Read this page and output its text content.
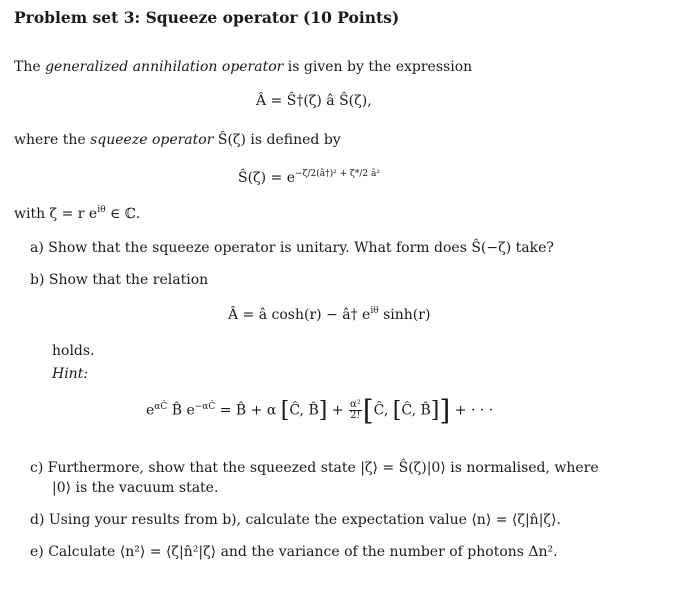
Problem set 3: Squeeze operator (10 Points)
The generalized annihilation operator is given by the expression
Â = Ŝ†(ζ) â Ŝ(ζ),
where the squeeze operator Ŝ(ζ) is defined by
Ŝ(ζ) = $e^{-\zeta/2(â\dagger)^2 + \zeta*/2 â^2}$
with ζ = r $e^{i\theta}$ ∈ ℂ.
a) Show that the squeeze operator is unitary. What form does Ŝ(−ζ) take?
b) Show that the relation
Â = â cosh(r) − â† $e^{i\theta}$ sinh(r)
holds.
Hint:
$e^{\alpha Ĉ}$ B̂ $e^{-\alpha Ĉ}$ = B̂ + α [Ĉ, B̂] + $\frac{\text{α²}}{2!}$ [Ĉ, [Ĉ, B̂]] + · · ·
c) Furthermore, show that the squeezed state |ζ⟩ = Ŝ(ζ)|0⟩ is normalised, where
|0⟩ is the vacuum state.
d) Using your results from b), calculate the expectation value ⟨n⟩ = ⟨ζ|n̂|ζ⟩.
e) Calculate ⟨n²⟩ = ⟨ζ|n̂²|ζ⟩ and the variance of the number of photons Δn².
